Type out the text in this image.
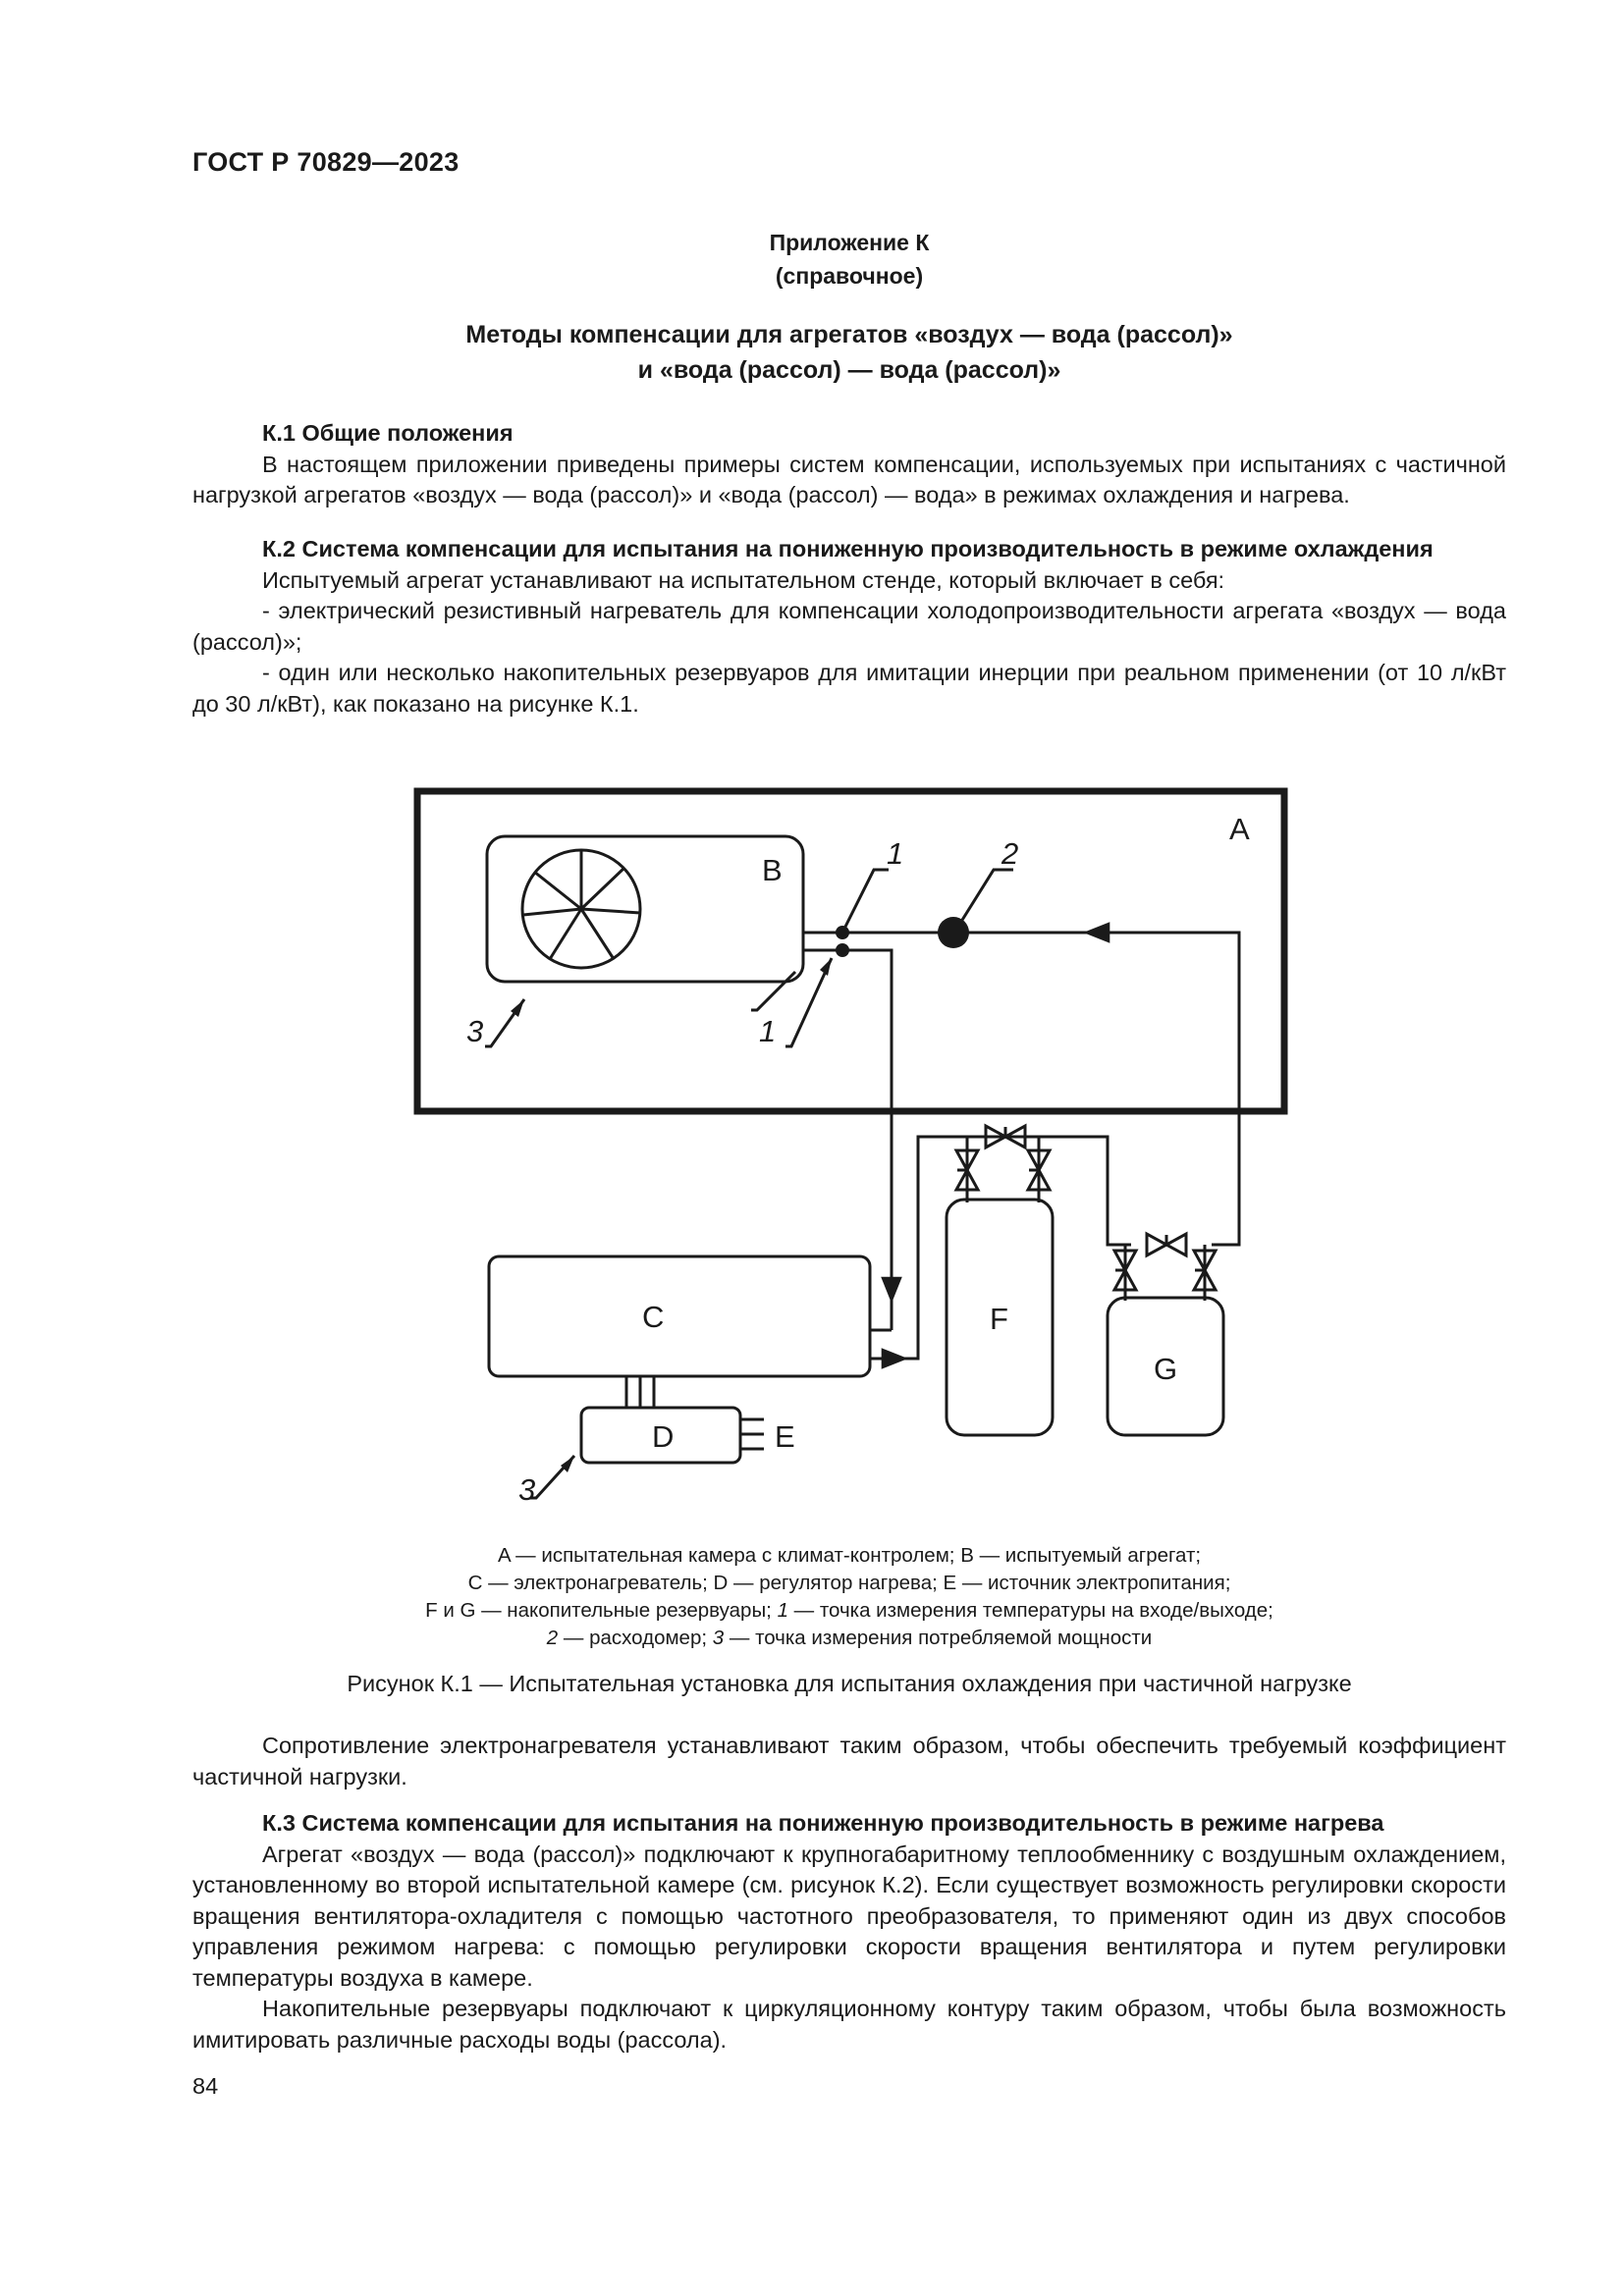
ГОСТ Р 70829—2023
Приложение К
(справочное)
Методы компенсации для агрегатов «воздух — вода (рассол)»
и «вода (рассол) — вода (рассол)»

К.1 Общие положения

В настоящем приложении приведены примеры систем компенсации, используемых при испытаниях с частичной нагрузкой агрегатов «воздух — вода (рассол)» и «вода (рассол) — вода» в режимах охлаждения и нагрева.

К.2 Система компенсации для испытания на пониженную производительность в режиме охлаждения

Испытуемый агрегат устанавливают на испытательном стенде, который включает в себя:

- электрический резистивный нагреватель для компенсации холодопроизводительности агрегата «воздух — вода (рассол)»;

- один или несколько накопительных резервуаров для имитации инерции при реальном применении (от 10 л/кВт до 30 л/кВт), как показано на рисунке К.1.

A
B
C
D	E
F
G
1	2
3	1
3
A — испытательная камера с климат-контролем; B — испытуемый агрегат;
C — электронагреватель; D — регулятор нагрева; E — источник электропитания;
F и G — накопительные резервуары; 1 — точка измерения температуры на входе/выходе;
2 — расходомер; 3 — точка измерения потребляемой мощности
Рисунок К.1 — Испытательная установка для испытания охлаждения при частичной нагрузке

Сопротивление электронагревателя устанавливают таким образом, чтобы обеспечить требуемый коэффициент частичной нагрузки.

К.3 Система компенсации для испытания на пониженную производительность в режиме нагрева

Агрегат «воздух — вода (рассол)» подключают к крупногабаритному теплообменнику с воздушным охлаждением, установленному во второй испытательной камере (см. рисунок К.2). Если существует возможность регулировки скорости вращения вентилятора-охладителя с помощью частотного преобразователя, то применяют один из двух способов управления режимом нагрева: с помощью регулировки скорости вращения вентилятора и путем регулировки температуры воздуха в камере.

Накопительные резервуары подключают к циркуляционному контуру таким образом, чтобы была возможность имитировать различные расходы воды (рассола).

84
